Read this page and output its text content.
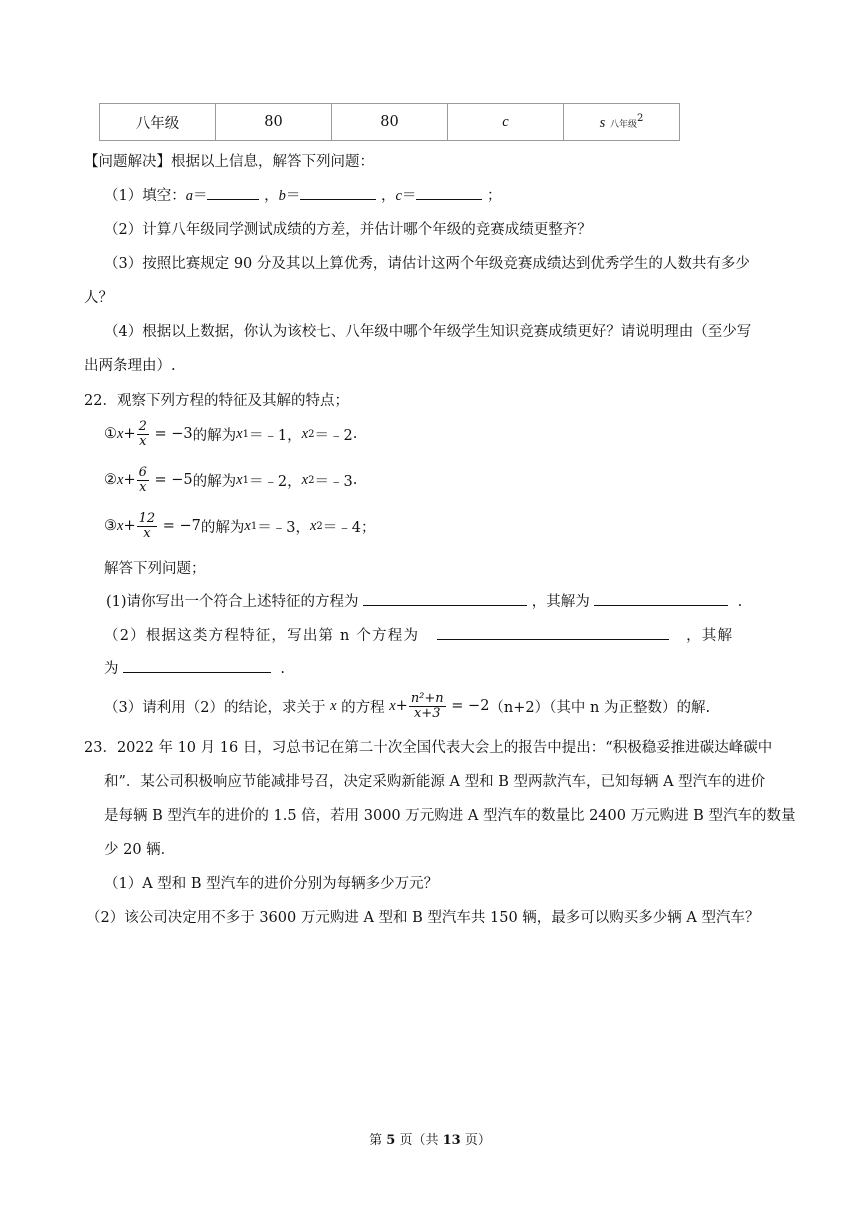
八年级	80	80	c	s 八年级$^2$
【问题解决】根据以上信息，解答下列问题：
（1）填空：a＝	，b＝	，c＝	；
（2）计算八年级同学测试成绩的方差，并估计哪个年级的竞赛成绩更整齐？
（3）按照比赛规定 90 分及其以上算优秀，请估计这两个年级竞赛成绩达到优秀学生的人数共有多少
人？
（4）根据以上数据，你认为该校七、八年级中哪个年级学生知识竞赛成绩更好？请说明理由（至少写
出两条理由）.
22．观察下列方程的特征及其解的特点；
① $x + \frac{2}{x}$
= −3 的解为 x 1 ＝ ﹣1 ， x 2 ＝ ﹣2 .
② $x + \frac{6}{x}$
= −5 的解为 x 1 ＝ ﹣2 ， x 2 ＝ ﹣3 .
③ $x + \frac{12}{x}$
= −7 的解为 x 1 ＝ ﹣3 ， x 2 ＝ ﹣4 ；
解答下列问题；
(1)请你写出一个符合上述特征的方程为	，其解为	.
（2）根据这类方程特征，写出第 n 个方程为	，其解
为	.
（3）请利用（2）的结论，求关于
x
的方程
$x + \frac{\text{n²+n}}{x+3}$
= −2 （n+2）（其中 n 为正整数）的解.
23．2022 年 10 月 16 日，习总书记在第二十次全国代表大会上的报告中提出：“积极稳妥推进碳达峰碳中
和”．某公司积极响应节能减排号召，决定采购新能源 A 型和 B 型两款汽车，已知每辆 A 型汽车的进价
是每辆 B 型汽车的进价的 1.5 倍，若用 3000 万元购进 A 型汽车的数量比 2400 万元购进 B 型汽车的数量
少 20 辆．
（1）A 型和 B 型汽车的进价分别为每辆多少万元？
（2）该公司决定用不多于 3600 万元购进 A 型和 B 型汽车共 150 辆，最多可以购买多少辆 A 型汽车？
第 5 页（共 13 页）
